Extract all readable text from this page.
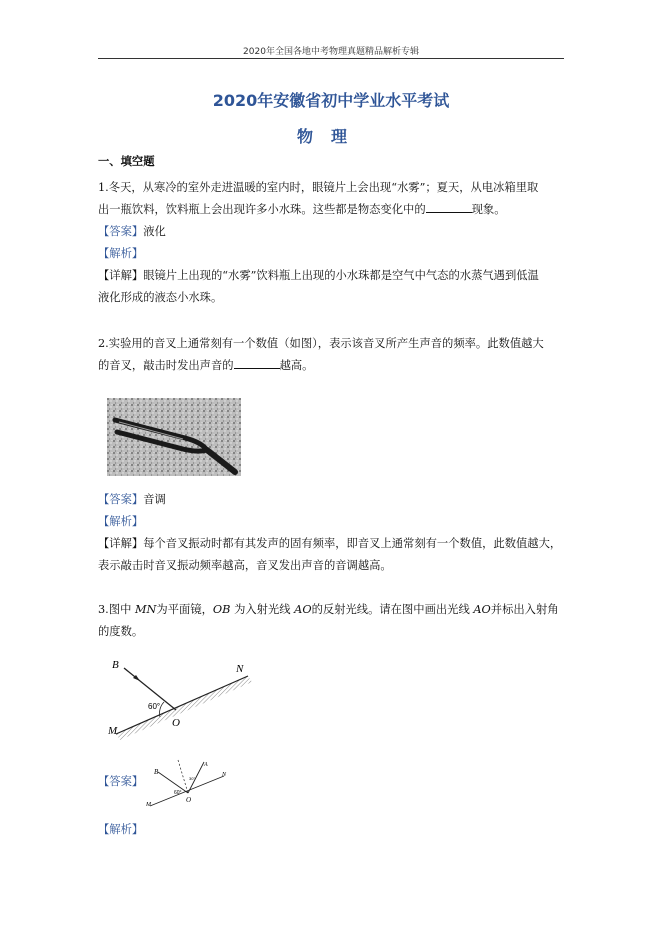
2020年全国各地中考物理真题精品解析专辑
2020年安徽省初中学业水平考试
物理
一、填空题
1.冬天，从寒冷的室外走进温暖的室内时，眼镜片上会出现“水雾”；夏天，从电冰箱里取
出一瓶饮料，饮料瓶上会出现许多小水珠。这些都是物态变化中的	现象。
【答案】液化
【解析】
【详解】眼镜片上出现的“水雾”饮料瓶上出现的小水珠都是空气中气态的水蒸气遇到低温
液化形成的液态小水珠。
2.实验用的音叉上通常刻有一个数值（如图），表示该音叉所产生声音的频率。此数值越大
的音叉，敲击时发出声音的	越高。
【答案】音调
【解析】
【详解】每个音叉振动时都有其发声的固有频率，即音叉上通常刻有一个数值，此数值越大，
表示敲击时音叉振动频率越高，音叉发出声音的音调越高。
3.图中 MN为平面镜，OB 为入射光线 AO的反射光线。请在图中画出光线 AO并标出入射角
的度数。
B	N
M
O
60°
【答案】
B
A
N
M
O
60°
30°
【解析】
